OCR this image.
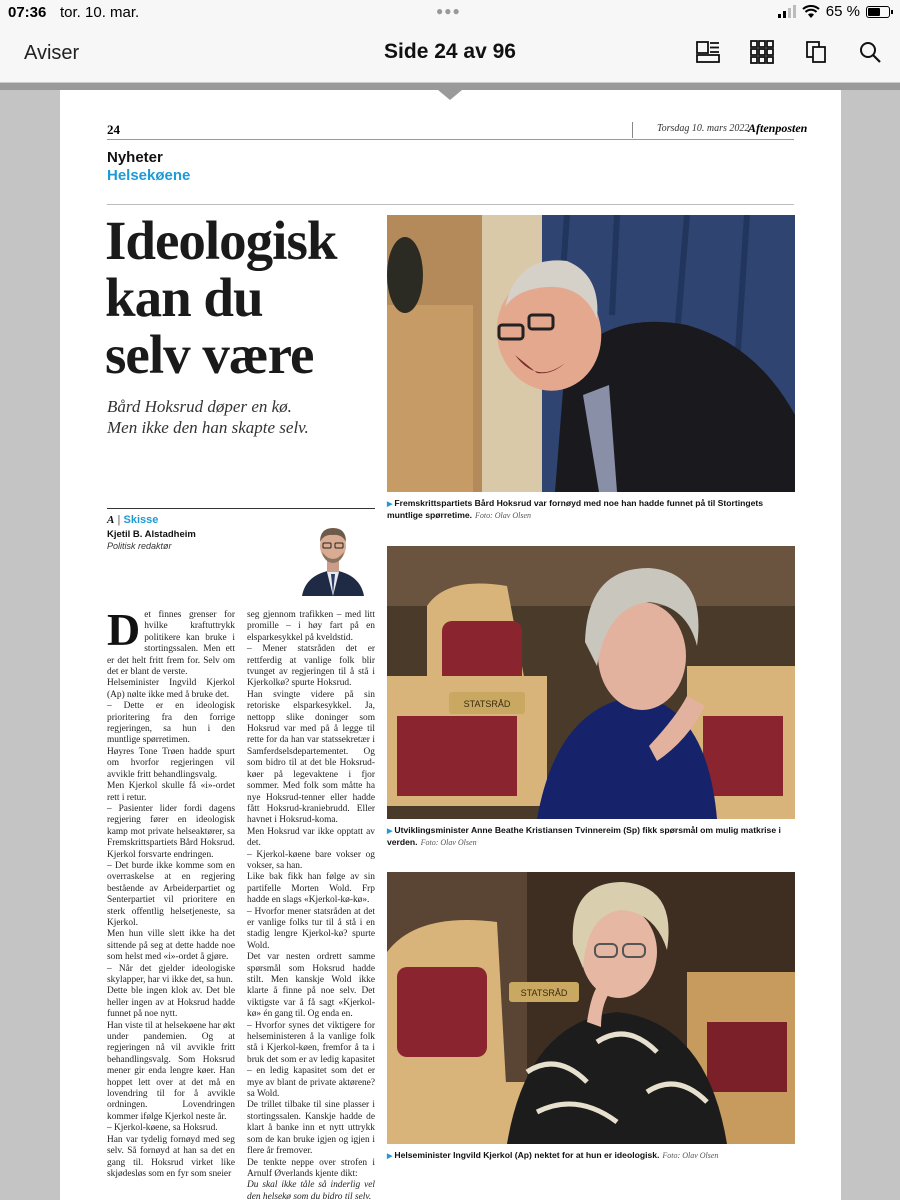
07:36 tor. 10. mar.	●●●	65 %
Aviser	Side 24 av 96
24	Torsdag 10. mars 2022
Aftenposten
Nyheter
Helsekøene
Ideologisk
kan du
selv være
Bård Hoksrud døper en kø.
Men ikke den han skapte selv.
A | Skisse
Kjetil B. Alstadheim
Politisk redaktør
D et finnes grenser for hvilke kraftuttrykk politikere kan bruke i stortingssalen. Men ett er det helt fritt frem for. Selv om det er blant de verste.

Helseminister Ingvild Kjerkol (Ap) nølte ikke med å bruke det.

– Dette er en ideologisk prioritering fra den forrige regjeringen, sa hun i den muntlige spørretimen.

Høyres Tone Trøen hadde spurt om hvorfor regjeringen vil avvikle fritt behandlingsvalg.

Men Kjerkol skulle få «i»-ordet rett i retur.

– Pasienter lider fordi dagens regjering fører en ideologisk kamp mot private helseaktører, sa Fremskrittspartiets Bård Hoksrud.

Kjerkol forsvarte endringen.

– Det burde ikke komme som en overraskelse at en regjering bestående av Arbeiderpartiet og Senterpartiet vil prioritere en sterk offentlig helsetjeneste, sa Kjerkol.

Men hun ville slett ikke ha det sittende på seg at dette hadde noe som helst med «i»-ordet å gjøre.

– Når det gjelder ideologiske skylapper, har vi ikke det, sa hun.

Dette ble ingen klok av. Det ble heller ingen av at Hoksrud hadde funnet på noe nytt.

Han viste til at helsekøene har økt under pandemien. Og at regjeringen nå vil avvikle fritt behandlingsvalg. Som Hoksrud mener gir enda lengre køer. Han hoppet lett over at det må en lovendring til for å avvikle ordningen. Lovendringen kommer ifølge Kjerkol neste år.

– Kjerkol-køene, sa Hoksrud.

Han var tydelig fornøyd med seg selv. Så fornøyd at han sa det en gang til. Hoksrud virket like skjødesløs som en fyr som sneier

seg gjennom trafikken – med litt promille – i høy fart på en elsparkesykkel på kveldstid.

– Mener statsråden det er rettferdig at vanlige folk blir tvunget av regjeringen til å stå i Kjerkolkø? spurte Hoksrud.

Han svingte videre på sin retoriske elsparkesykkel. Ja, nettopp slike doninger som Hoksrud var med på å legge til rette for da han var statssekretær i Samferdselsdepartementet. Og som bidro til at det ble Hoksrud-køer på legevaktene i fjor sommer. Med folk som måtte ha nye Hoksrud-tenner eller hadde fått Hoksrud-kraniebrudd. Eller havnet i Hoksrud-koma.

Men Hoksrud var ikke opptatt av det.

– Kjerkol-køene bare vokser og vokser, sa han.

Like bak fikk han følge av sin partifelle Morten Wold. Frp hadde en slags «Kjerkol-kø-kø».

– Hvorfor mener statsråden at det er vanlige folks tur til å stå i en stadig lengre Kjerkol-kø? spurte Wold.

Det var nesten ordrett samme spørsmål som Hoksrud hadde stilt. Men kanskje Wold ikke klarte å finne på noe selv. Det viktigste var å få sagt «Kjerkol-kø» én gang til. Og enda en.

– Hvorfor synes det viktigere for helseministeren å la vanlige folk stå i Kjerkol-køen, fremfor å ta i bruk det som er av ledig kapasitet – en ledig kapasitet som det er mye av blant de private aktørene? sa Wold.

De trillet tilbake til sine plasser i stortingssalen. Kanskje hadde de klart å banke inn et nytt uttrykk som de kan bruke igjen og igjen i flere år fremover.

De tenkte neppe over strofen i Arnulf Øverlands kjente dikt:

Du skal ikke tåle så inderlig vel den helsekø som du bidro til selv.

▶ Fremskrittspartiets Bård Hoksrud var fornøyd med noe han hadde funnet på til Stortingets muntlige spørretime. Foto: Olav Olsen
STATSRÅD
▶ Utviklingsminister Anne Beathe Kristiansen Tvinnereim (Sp) fikk spørsmål om mulig matkrise i verden. Foto: Olav Olsen
STATSRÅD
▶ Helseminister Ingvild Kjerkol (Ap) nektet for at hun er ideologisk. Foto: Olav Olsen
